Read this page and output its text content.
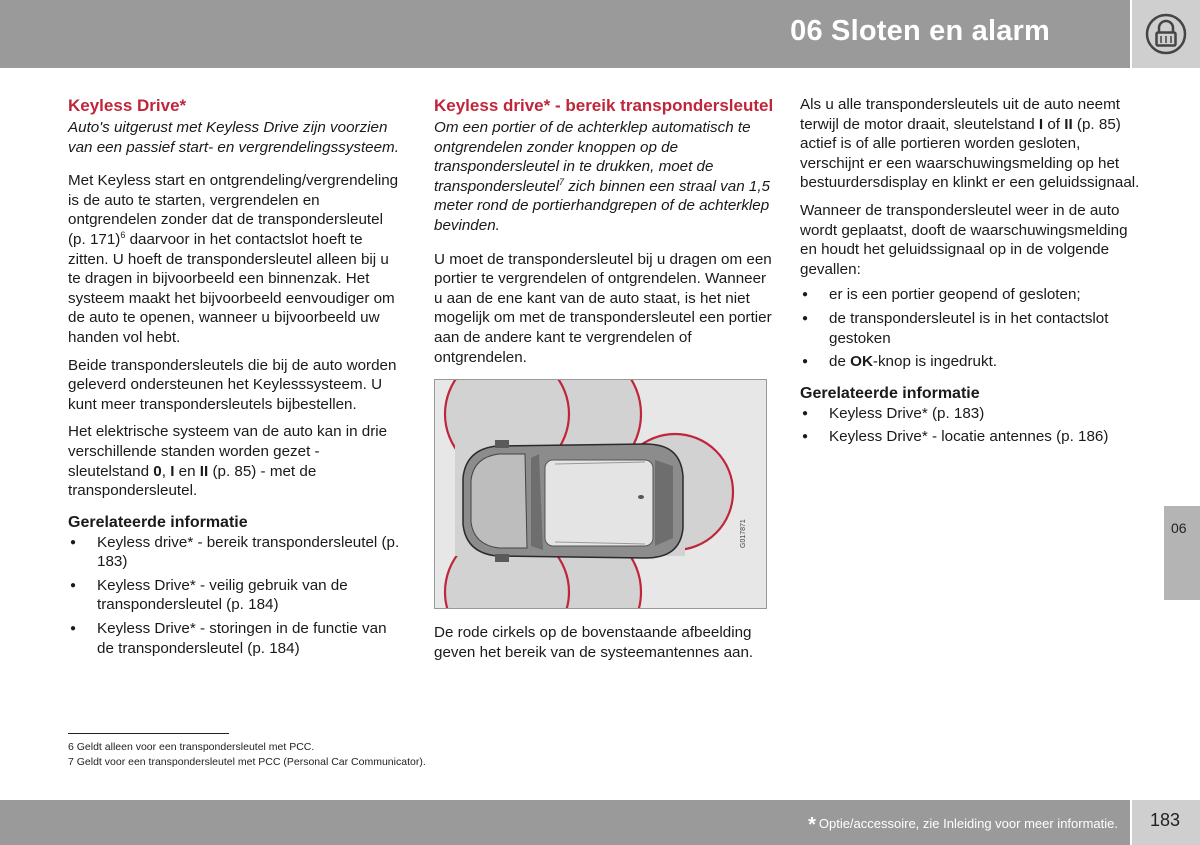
06 Sloten en alarm
06
Keyless Drive*

Auto's uitgerust met Keyless Drive zijn voorzien van een passief start- en vergrendelingssysteem.

Met Keyless start en ontgrendeling/vergrendeling is de auto te starten, vergrendelen en ontgrendelen zonder dat de transpondersleutel (p. 171)$^6$ daarvoor in het contactslot hoeft te zitten. U hoeft de transpondersleutel alleen bij u te dragen in bijvoorbeeld een binnenzak. Het systeem maakt het bijvoorbeeld eenvoudiger om de auto te openen, wanneer u bijvoorbeeld uw handen vol hebt.

Beide transpondersleutels die bij de auto worden geleverd ondersteunen het Keylesssysteem. U kunt meer transpondersleutels bijbestellen.

Het elektrische systeem van de auto kan in drie verschillende standen worden gezet - sleutelstand 0, I en II (p. 85) - met de transpondersleutel.

Gerelateerde informatie
● Keyless drive* - bereik transpondersleutel (p. 183)
● Keyless Drive* - veilig gebruik van de transpondersleutel (p. 184)
● Keyless Drive* - storingen in de functie van de transpondersleutel (p. 184)
Keyless drive* - bereik transpondersleutel

Om een portier of de achterklep automatisch te ontgrendelen zonder knoppen op de transpondersleutel in te drukken, moet de transpondersleutel$^7$ zich binnen een straal van 1,5 meter rond de portierhandgrepen of de achterklep bevinden.

U moet de transpondersleutel bij u dragen om een portier te vergrendelen of ontgrendelen. Wanneer u aan de ene kant van de auto staat, is het niet mogelijk om met de transpondersleutel een portier aan de andere kant te vergrendelen of ontgrendelen.

G017871

De rode cirkels op de bovenstaande afbeelding geven het bereik van de systeemantennes aan.

Als u alle transpondersleutels uit de auto neemt terwijl de motor draait, sleutelstand I of II (p. 85) actief is of alle portieren worden gesloten, verschijnt er een waarschuwingsmelding op het bestuurdersdisplay en klinkt er een geluidssignaal.

Wanneer de transpondersleutel weer in de auto wordt geplaatst, dooft de waarschuwingsmelding en houdt het geluidssignaal op in de volgende gevallen:

● er is een portier geopend of gesloten;
● de transpondersleutel is in het contactslot gestoken
● de OK-knop is ingedrukt.
Gerelateerde informatie
● Keyless Drive* (p. 183)
● Keyless Drive* - locatie antennes (p. 186)
6 Geldt alleen voor een transpondersleutel met PCC.
7 Geldt voor een transpondersleutel met PCC (Personal Car Communicator).
* Optie/accessoire, zie Inleiding voor meer informatie. 183
